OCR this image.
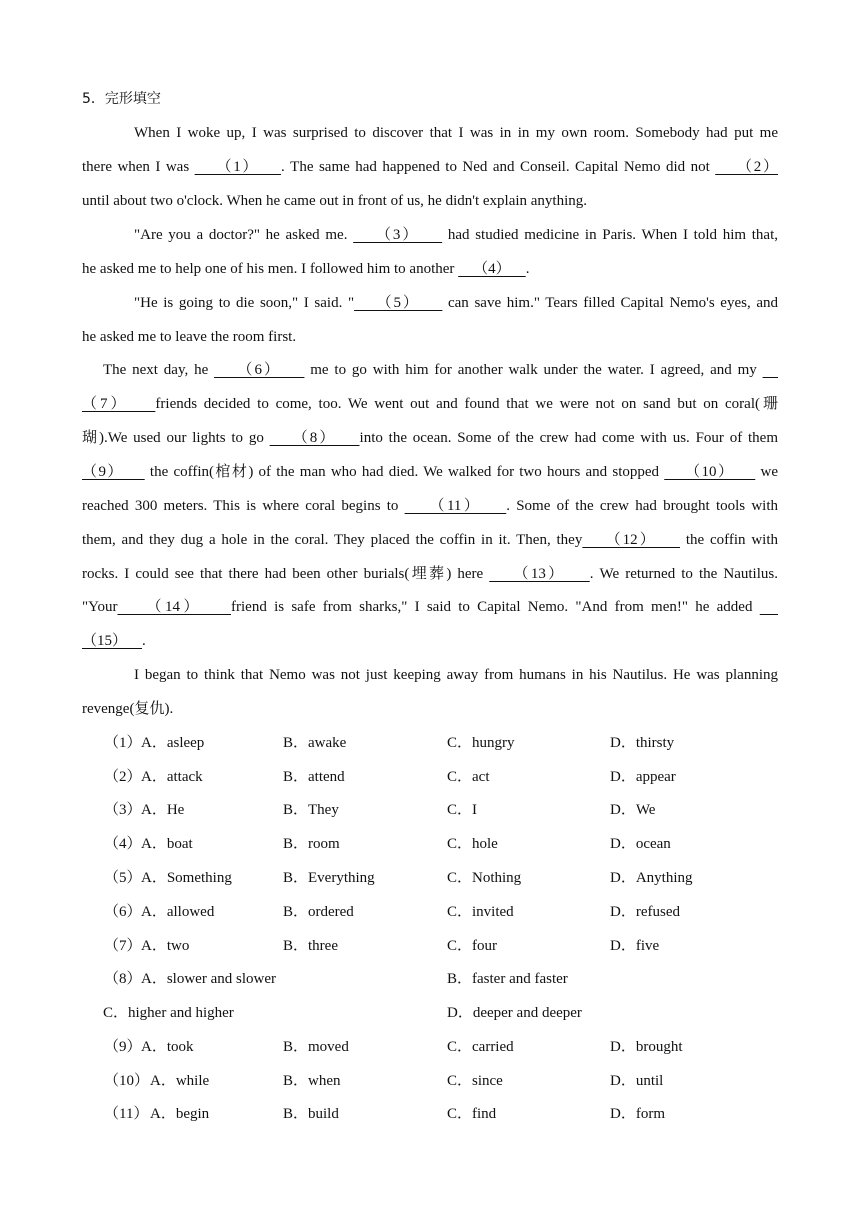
5．完形填空
When I woke up, I was surprised to discover that I was in in my own room. Somebody had put me
there when I was     （1）    . The same had happened to Ned and Conseil. Capital Nemo did not     （2）
until about two o'clock. When he came out in front of us, he didn't explain anything.
"Are you a doctor?" he asked me.     （3）     had studied medicine in Paris. When I told him that,
he asked me to help one of his men. I followed him to another     （4）    .
"He is going to die soon," I said. "    （5）     can save him." Tears filled Capital Nemo's eyes, and
he asked me to leave the room first.
The next day, he     （6）     me to go with him for another walk under the water. I agreed, and my
（7）    friends decided to come, too. We went out and found that we were not on sand but on coral(珊
瑚).We used our lights to go     （8）    into the ocean. Some of the crew had come with us. Four of them
（9）     the coffin(棺材) of the man who had died. We walked for two hours and stopped     （10）     we
reached 300 meters. This is where coral begins to     （11）    . Some of the crew had brought tools with
them, and they dug a hole in the coral. They placed the coffin in it. Then, they    （12）     the coffin with
rocks. I could see that there had been other burials(埋葬) here     （13）    . We returned to the Nautilus.
"Your    （14）    friend is safe from sharks," I said to Capital Nemo. "And from men!" he added
（15）    .
I began to think that Nemo was not just keeping away from humans in his Nautilus. He was planning
revenge(复仇).
（1） A．asleep	B．awake	C．hungry	D．thirsty
（2） A．attack	B．attend	C．act	D．appear
（3） A．He	B．They	C．I	D．We
（4） A．boat	B．room	C．hole	D．ocean
（5） A．Something	B．Everything	C．Nothing	D．Anything
（6） A．allowed	B．ordered	C．invited	D．refused
（7） A．two	B．three	C．four	D．five
（8） A．slower and slower	B．faster and faster
C．higher and higher	D．deeper and deeper
（9） A．took	B．moved	C．carried	D．brought
（10） A．while	B．when	C．since	D．until
（11） A．begin	B．build	C．find	D．form
